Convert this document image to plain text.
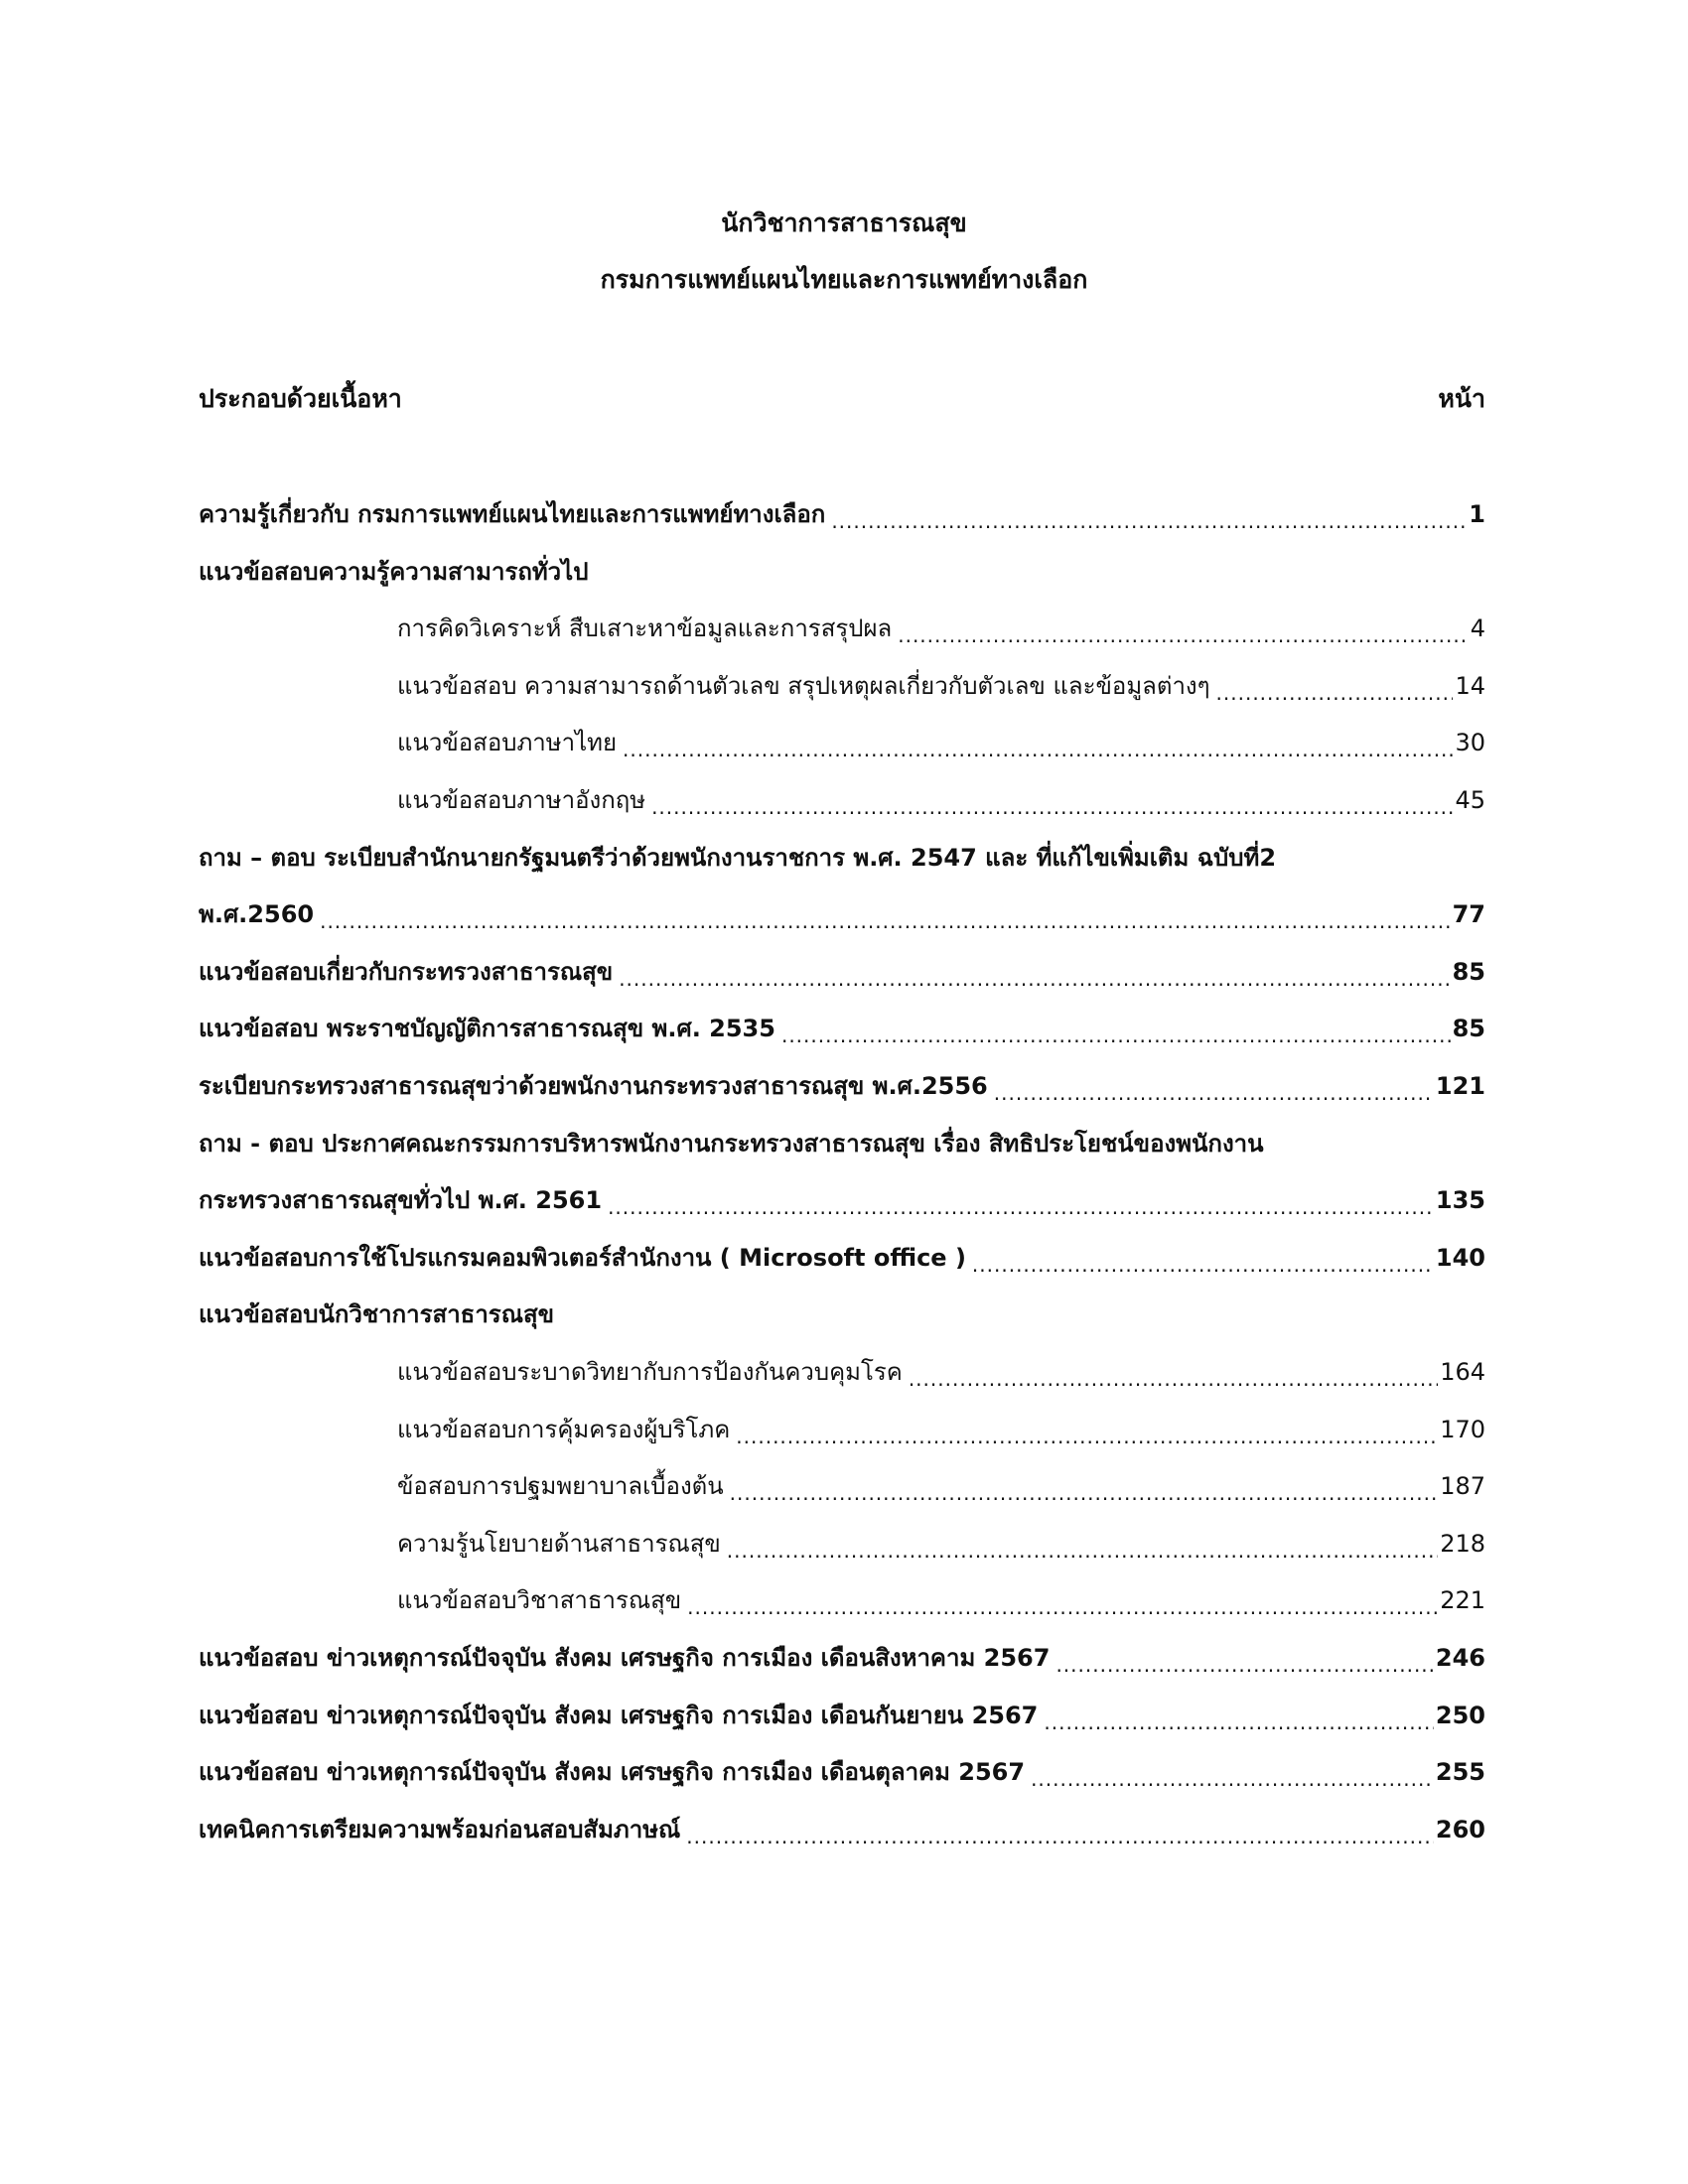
นักวิชาการสาธารณสุข
กรมการแพทย์แผนไทยและการแพทย์ทางเลือก
ประกอบด้วยเนื้อหา	หน้า
ความรู้เกี่ยวกับ กรมการแพทย์แผนไทยและการแพทย์ทางเลือก .....	1
แนวข้อสอบความรู้ความสามารถทั่วไป
การคิดวิเคราะห์ สืบเสาะหาข้อมูลและการสรุปผล .....	4
แนวข้อสอบ ความสามารถด้านตัวเลข สรุปเหตุผลเกี่ยวกับตัวเลข และข้อมูลต่างๆ .....	14
แนวข้อสอบภาษาไทย .....	30
แนวข้อสอบภาษาอังกฤษ .....	45
ถาม – ตอบ ระเบียบสำนักนายกรัฐมนตรีว่าด้วยพนักงานราชการ พ.ศ. 2547 และ ที่แก้ไขเพิ่มเติม ฉบับที่2
พ.ศ.2560 .....	77
แนวข้อสอบเกี่ยวกับกระทรวงสาธารณสุข .....	85
แนวข้อสอบ พระราชบัญญัติการสาธารณสุข พ.ศ. 2535 .....	85
ระเบียบกระทรวงสาธารณสุขว่าด้วยพนักงานกระทรวงสาธารณสุข พ.ศ.2556 .....	121
ถาม - ตอบ ประกาศคณะกรรมการบริหารพนักงานกระทรวงสาธารณสุข เรื่อง สิทธิประโยชน์ของพนักงาน
กระทรวงสาธารณสุขทั่วไป พ.ศ. 2561 .....	135
แนวข้อสอบการใช้โปรแกรมคอมพิวเตอร์สำนักงาน ( Microsoft office ) .....	140
แนวข้อสอบนักวิชาการสาธารณสุข
แนวข้อสอบระบาดวิทยากับการป้องกันควบคุมโรค .....	164
แนวข้อสอบการคุ้มครองผู้บริโภค .....	170
ข้อสอบการปฐมพยาบาลเบื้องต้น .....	187
ความรู้นโยบายด้านสาธารณสุข .....	218
แนวข้อสอบวิชาสาธารณสุข .....	221
แนวข้อสอบ ข่าวเหตุการณ์ปัจจุบัน สังคม เศรษฐกิจ การเมือง เดือนสิงหาคาม 2567 .....	246
แนวข้อสอบ ข่าวเหตุการณ์ปัจจุบัน สังคม เศรษฐกิจ การเมือง เดือนกันยายน 2567 .....	250
แนวข้อสอบ ข่าวเหตุการณ์ปัจจุบัน สังคม เศรษฐกิจ การเมือง เดือนตุลาคม 2567 .....	255
เทคนิคการเตรียมความพร้อมก่อนสอบสัมภาษณ์ .....	260
